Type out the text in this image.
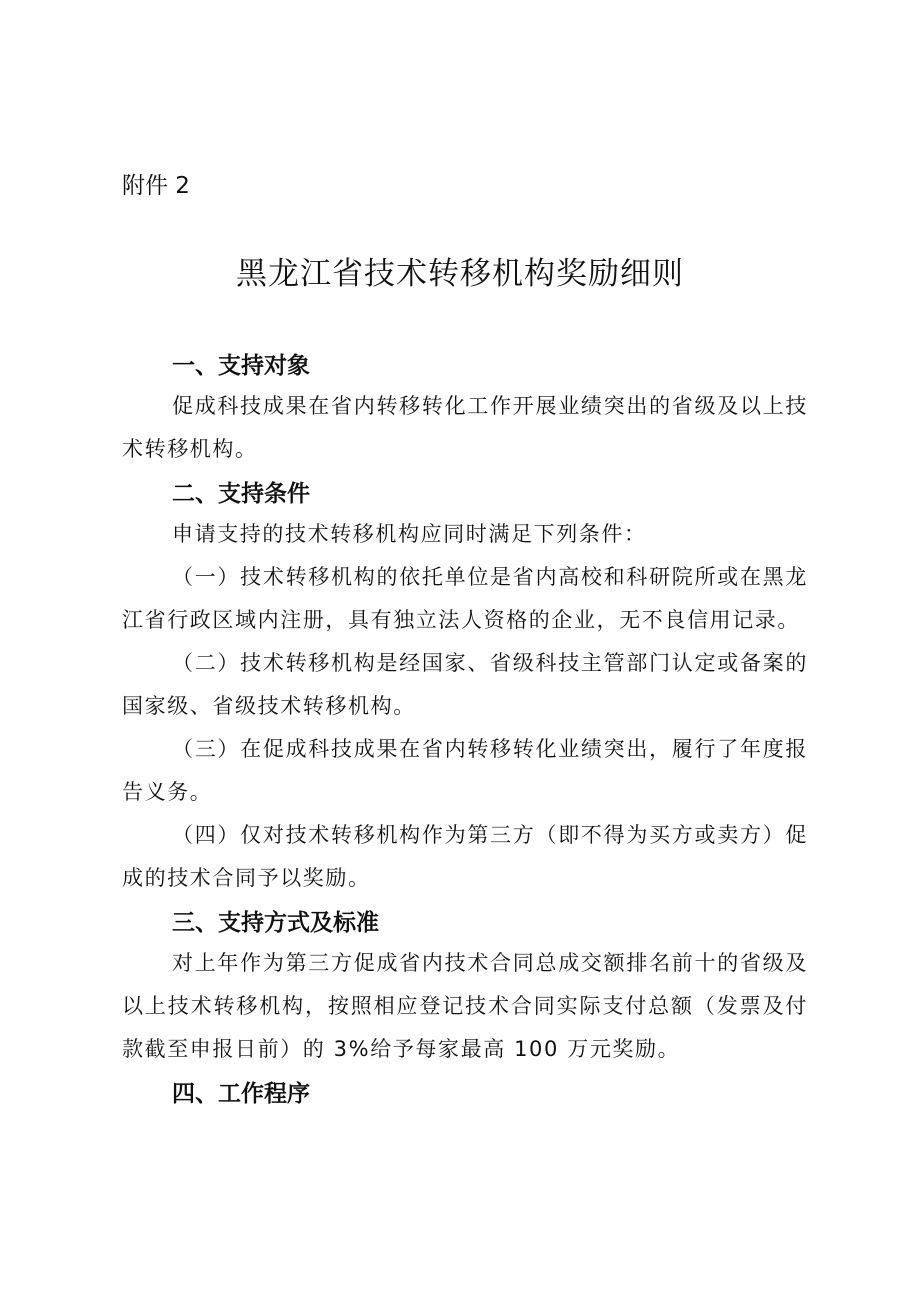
附件 2
黑龙江省技术转移机构奖励细则
一、支持对象
促成科技成果在省内转移转化工作开展业绩突出的省级及以上技术转移机构。
二、支持条件
申请支持的技术转移机构应同时满足下列条件：
（一）技术转移机构的依托单位是省内高校和科研院所或在黑龙江省行政区域内注册，具有独立法人资格的企业，无不良信用记录。
（二）技术转移机构是经国家、省级科技主管部门认定或备案的国家级、省级技术转移机构。
（三）在促成科技成果在省内转移转化业绩突出，履行了年度报告义务。
（四）仅对技术转移机构作为第三方（即不得为买方或卖方）促成的技术合同予以奖励。
三、支持方式及标准
对上年作为第三方促成省内技术合同总成交额排名前十的省级及以上技术转移机构，按照相应登记技术合同实际支付总额（发票及付款截至申报日前）的 3%给予每家最高 100 万元奖励。
四、工作程序
